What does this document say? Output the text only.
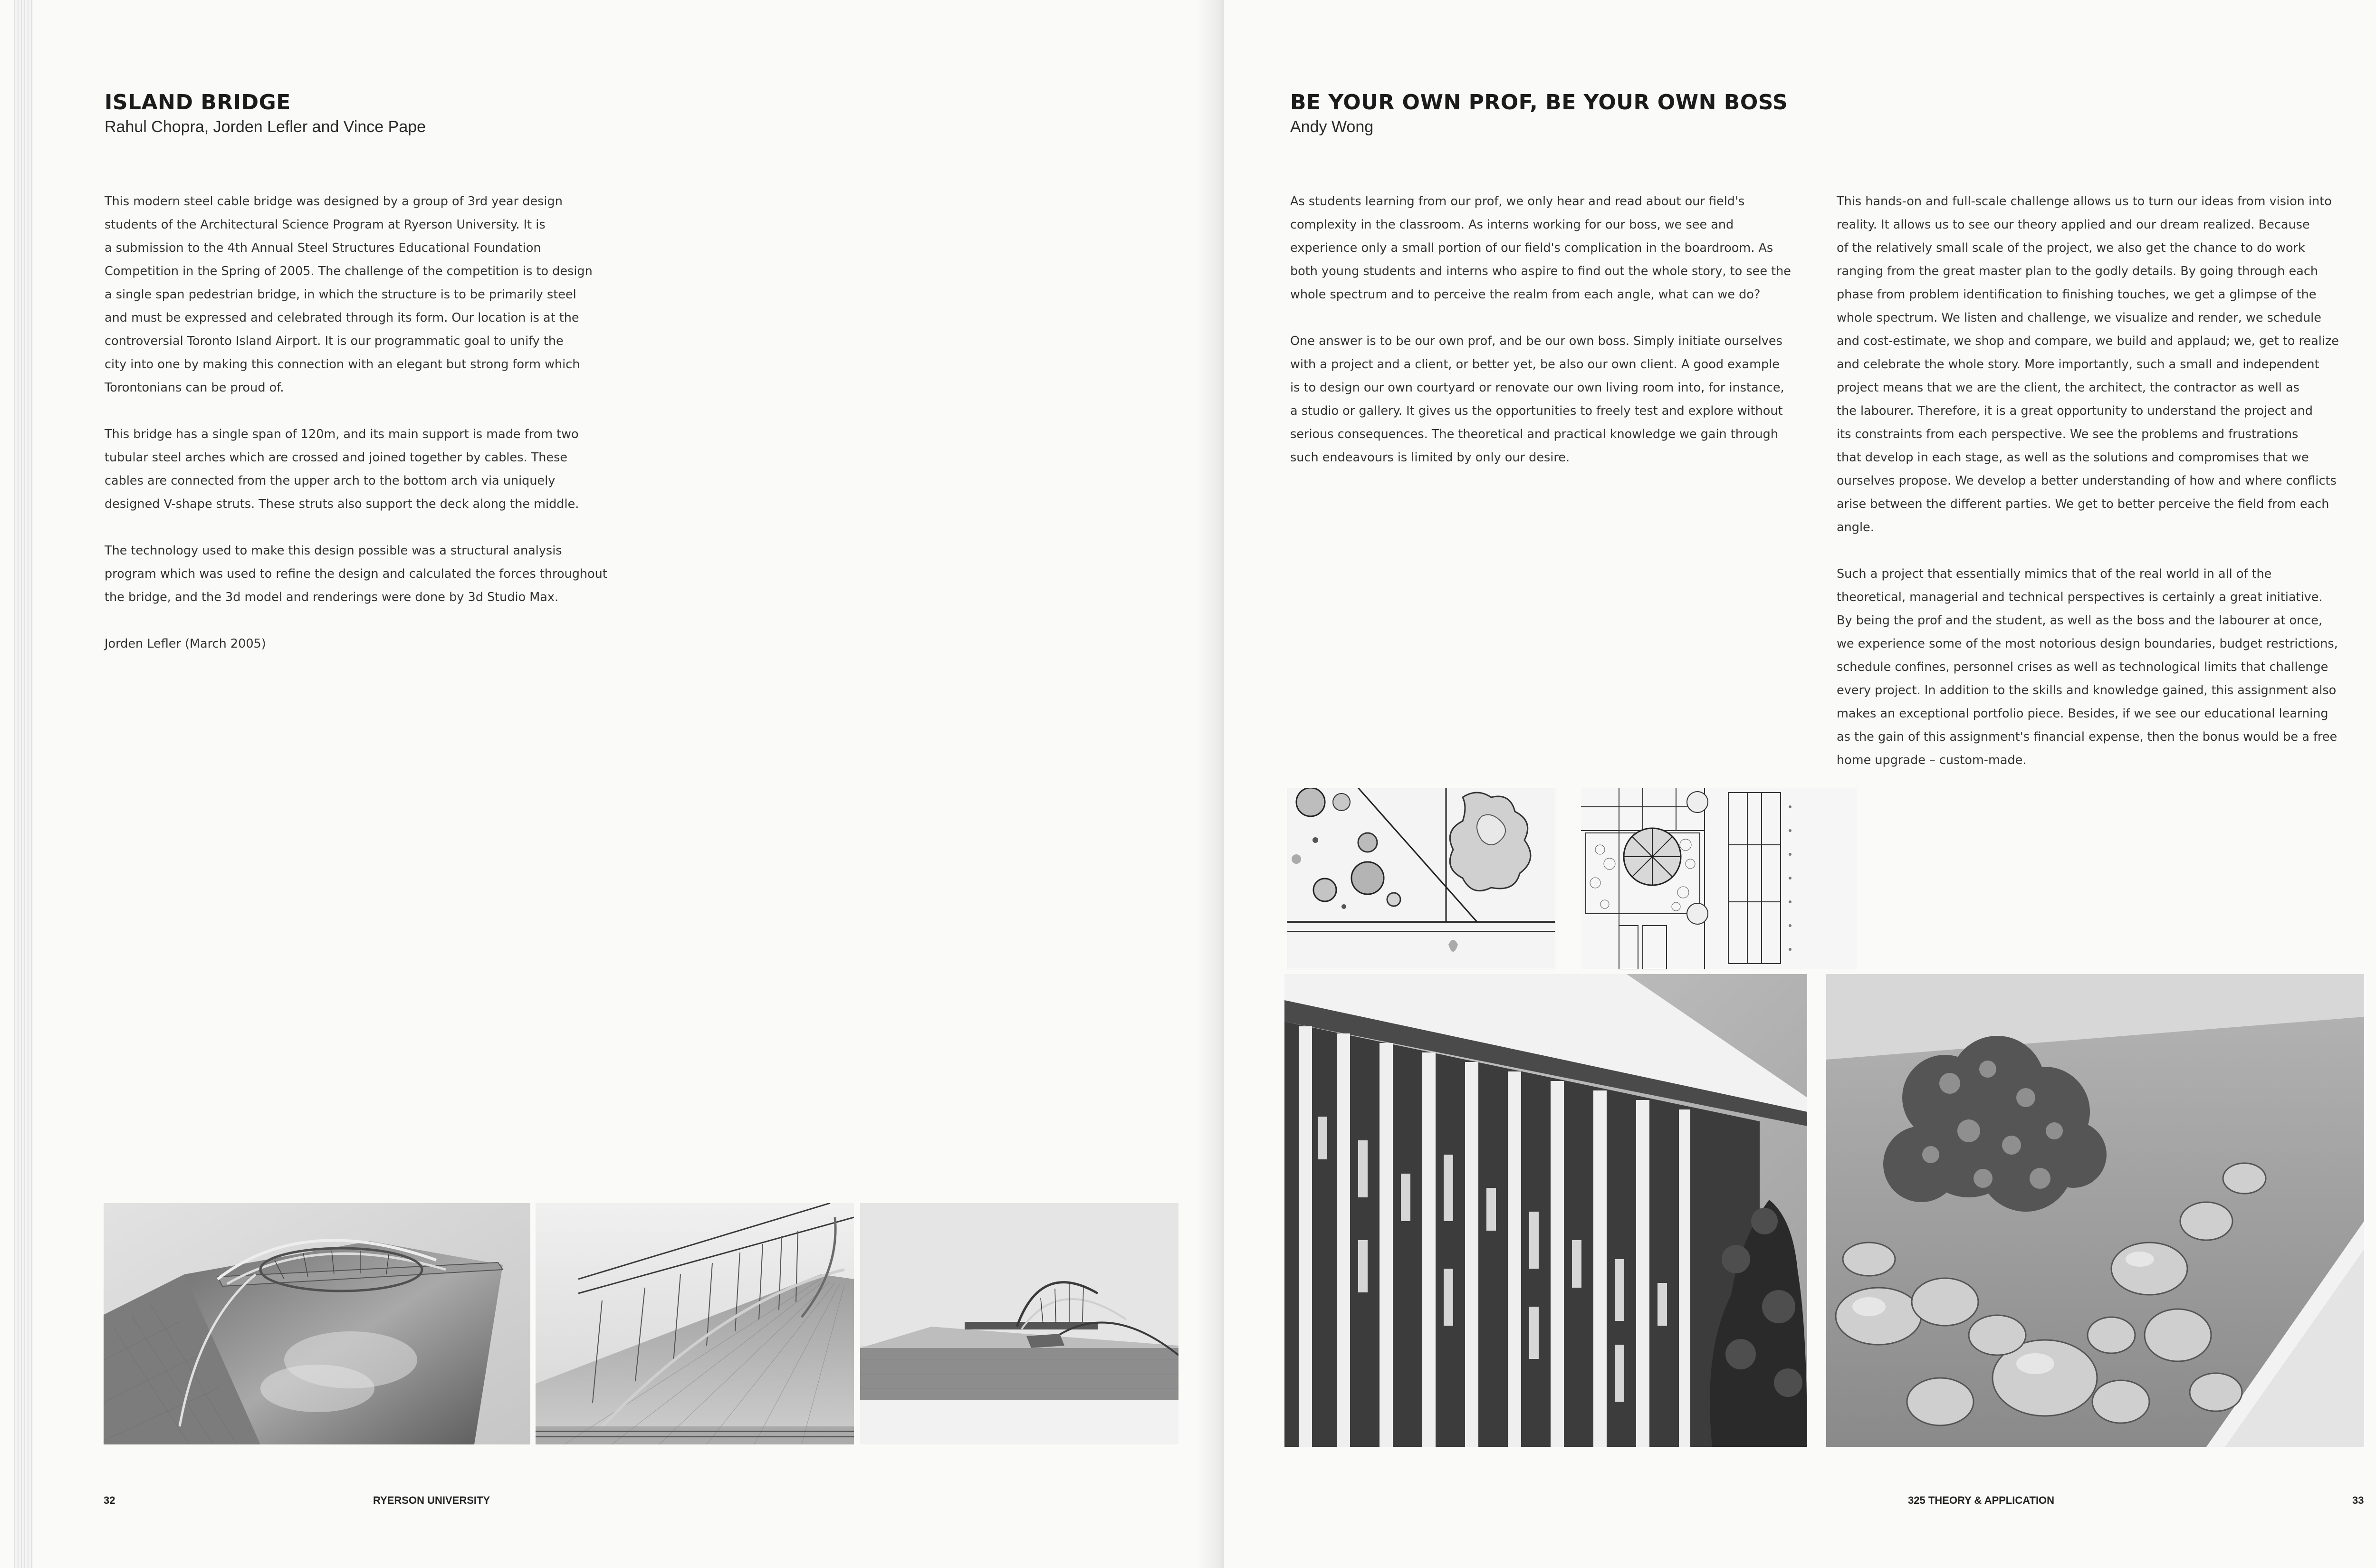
ISLAND BRIDGE
Rahul Chopra, Jorden Lefler and Vince Pape

This modern steel cable bridge was designed by a group of 3rd year design
students of the Architectural Science Program at Ryerson University. It is
a submission to the 4th Annual Steel Structures Educational Foundation
Competition in the Spring of 2005. The challenge of the competition is to design
a single span pedestrian bridge, in which the structure is to be primarily steel
and must be expressed and celebrated through its form. Our location is at the
controversial Toronto Island Airport. It is our programmatic goal to unify the
city into one by making this connection with an elegant but strong form which
Torontonians can be proud of.

This bridge has a single span of 120m, and its main support is made from two
tubular steel arches which are crossed and joined together by cables. These
cables are connected from the upper arch to the bottom arch via uniquely
designed V-shape struts. These struts also support the deck along the middle.

The technology used to make this design possible was a structural analysis
program which was used to refine the design and calculated the forces throughout
the bridge, and the 3d model and renderings were done by 3d Studio Max.

Jorden Lefler (March 2005)

32	RYERSON UNIVERSITY
BE YOUR OWN PROF, BE YOUR OWN BOSS
Andy Wong

As students learning from our prof, we only hear and read about our field's
complexity in the classroom. As interns working for our boss, we see and
experience only a small portion of our field's complication in the boardroom. As
both young students and interns who aspire to find out the whole story, to see the
whole spectrum and to perceive the realm from each angle, what can we do?

One answer is to be our own prof, and be our own boss. Simply initiate ourselves
with a project and a client, or better yet, be also our own client. A good example
is to design our own courtyard or renovate our own living room into, for instance,
a studio or gallery. It gives us the opportunities to freely test and explore without
serious consequences. The theoretical and practical knowledge we gain through
such endeavours is limited by only our desire.

This hands-on and full-scale challenge allows us to turn our ideas from vision into
reality. It allows us to see our theory applied and our dream realized. Because
of the relatively small scale of the project, we also get the chance to do work
ranging from the great master plan to the godly details. By going through each
phase from problem identification to finishing touches, we get a glimpse of the
whole spectrum. We listen and challenge, we visualize and render, we schedule
and cost-estimate, we shop and compare, we build and applaud; we, get to realize
and celebrate the whole story. More importantly, such a small and independent
project means that we are the client, the architect, the contractor as well as
the labourer. Therefore, it is a great opportunity to understand the project and
its constraints from each perspective. We see the problems and frustrations
that develop in each stage, as well as the solutions and compromises that we
ourselves propose. We develop a better understanding of how and where conflicts
arise between the different parties. We get to better perceive the field from each
angle.

Such a project that essentially mimics that of the real world in all of the
theoretical, managerial and technical perspectives is certainly a great initiative.
By being the prof and the student, as well as the boss and the labourer at once,
we experience some of the most notorious design boundaries, budget restrictions,
schedule confines, personnel crises as well as technological limits that challenge
every project. In addition to the skills and knowledge gained, this assignment also
makes an exceptional portfolio piece. Besides, if we see our educational learning
as the gain of this assignment's financial expense, then the bonus would be a free
home upgrade – custom-made.

325 THEORY & APPLICATION	33
